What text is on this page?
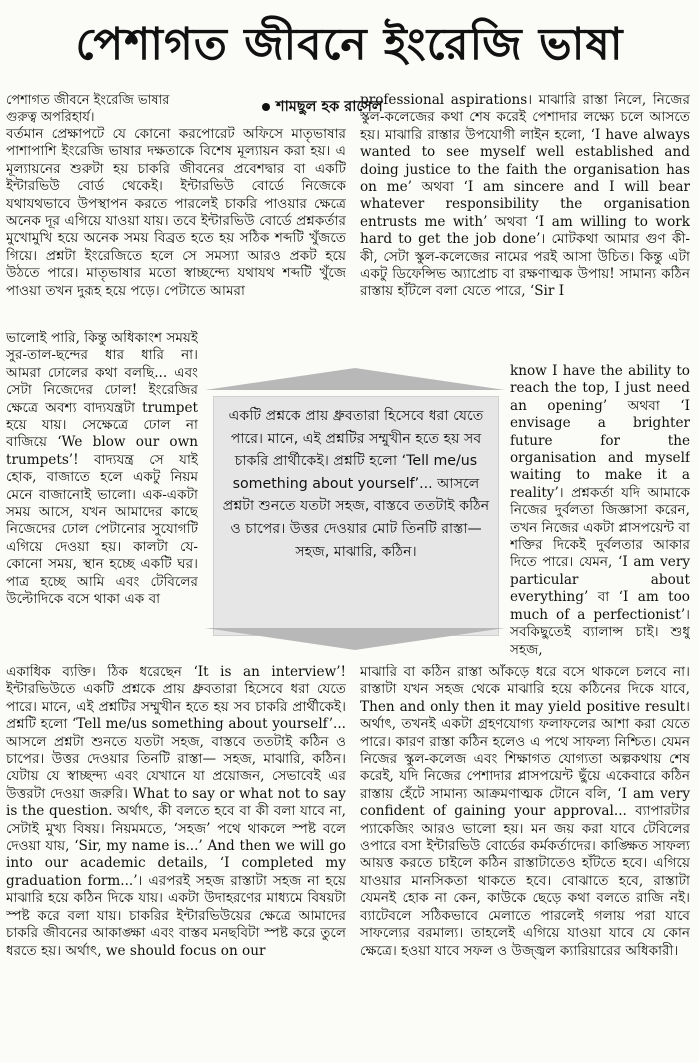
পেশাগত জীবনে ইংরেজি ভাষা
পেশাগত জীবনে ইংরেজি ভাষার গুরুত্ব অপরিহার্য।
শামছুল হক রাসেল

বর্তমান প্রেক্ষাপটে যে কোনো করপোরেট অফিসে মাতৃভাষার পাশাপাশি ইংরেজি ভাষার দক্ষতাকে বিশেষ মূল্যায়ন করা হয়। এ মূল্যায়নের শুরুটা হয় চাকরি জীবনের প্রবেশদ্বার বা একটি ইন্টারভিউ বোর্ড থেকেই। ইন্টারভিউ বোর্ডে নিজেকে যথাযথভাবে উপস্থাপন করতে পারলেই চাকরি পাওয়ার ক্ষেত্রে অনেক দূর এগিয়ে যাওয়া যায়। তবে ইন্টারভিউ বোর্ডে প্রশ্নকর্তার মুখোমুখি হয়ে অনেক সময় বিব্রত হতে হয় সঠিক শব্দটি খুঁজতে গিয়ে। প্রশ্নটা ইংরেজিতে হলে সে সমস্যা আরও প্রকট হয়ে উঠতে পারে। মাতৃভাষার মতো স্বাচ্ছন্দ্যে যথাযথ শব্দটি খুঁজে পাওয়া তখন দুরূহ হয়ে পড়ে। পেটাতে আমরা

ভালোই পারি, কিন্তু অধিকাংশ সময়ই সুর-তাল-ছন্দের ধার ধারি না। আমরা ঢোলের কথা বলছি... এবং সেটা নিজেদের ঢোল! ইংরেজির ক্ষেত্রে অবশ্য বাদ্যযন্ত্রটা trumpet হয়ে যায়। সেক্ষেত্রে ঢোল না বাজিয়ে ‘We blow our own trumpets’! বাদ্যযন্ত্র সে যাই হোক, বাজাতে হলে একটু নিয়ম মেনে বাজানোই ভালো। এক-একটা সময় আসে, যখন আমাদের কাছে নিজেদের ঢোল পেটানোর সুযোগটি এগিয়ে দেওয়া হয়। কালটা যে-কোনো সময়, স্থান হচ্ছে একটি ঘর। পাত্র হচ্ছে আমি এবং টেবিলের উল্টোদিকে বসে থাকা এক বা

একাধিক ব্যক্তি। ঠিক ধরেছেন ‘It is an interview’! ইন্টারভিউতে একটি প্রশ্নকে প্রায় ধ্রুবতারা হিসেবে ধরা যেতে পারে। মানে, এই প্রশ্নটির সম্মুখীন হতে হয় সব চাকরি প্রার্থীকেই। প্রশ্নটি হলো ‘Tell me/us something about yourself’... আসলে প্রশ্নটা শুনতে যতটা সহজ, বাস্তবে ততটাই কঠিন ও চাপের। উত্তর দেওয়ার তিনটি রাস্তা— সহজ, মাঝারি, কঠিন। যেটায় যে স্বাচ্ছন্দ্য এবং যেখানে যা প্রয়োজন, সেভাবেই এর উত্তরটা দেওয়া জরুরি। What to say or what not to say is the question. অর্থাৎ, কী বলতে হবে বা কী বলা যাবে না, সেটাই মুখ্য বিষয়। নিয়মমতে, ‘সহজ’ পথে থাকলে স্পষ্ট বলে দেওয়া যায়, ‘Sir, my name is...’ And then we will go into our academic details, ‘I completed my graduation form...’। এরপরই সহজ রাস্তাটা সহজ না হয়ে মাঝারি হয়ে কঠিন দিকে যায়। একটা উদাহরণের মাধ্যমে বিষয়টা স্পষ্ট করে বলা যায়। চাকরির ইন্টারভিউয়ের ক্ষেত্রে আমাদের চাকরি জীবনের আকাঙ্ক্ষা এবং বাস্তব মনছবিটা স্পষ্ট করে তুলে ধরতে হয়। অর্থাৎ, we should focus on our

professional aspirations। মাঝারি রাস্তা নিলে, নিজের স্কুল-কলেজের কথা শেষ করেই পেশাদার লক্ষ্যে চলে আসতে হয়। মাঝারি রাস্তার উপযোগী লাইন হলো, ‘I have always wanted to see myself well established and doing justice to the faith the organisation has on me’ অথবা ‘I am sincere and I will bear whatever responsibility the organisation entrusts me with’ অথবা ‘I am willing to work hard to get the job done’। মোটকথা আমার গুণ কী-কী, সেটা স্কুল-কলেজের নামের পরই আসা উচিত। কিন্তু এটা একটু ডিফেন্সিভ অ্যাপ্রোচ বা রক্ষণাত্মক উপায়! সামান্য কঠিন রাস্তায় হাঁটলে বলা যেতে পারে, ‘Sir I

know I have the ability to reach the top, I just need an opening’ অথবা ‘I envisage a brighter future for the organisation and myself waiting to make it a reality’। প্রশ্নকর্তা যদি আমাকে নিজের দুর্বলতা জিজ্ঞাসা করেন, তখন নিজের একটা প্লাসপয়েন্ট বা শক্তির দিকেই দুর্বলতার আকার দিতে পারে। যেমন, ‘I am very particular about everything’ বা ‘I am too much of a perfectionist’। সবকিছুতেই ব্যালান্স চাই। শুধু সহজ,

মাঝারি বা কঠিন রাস্তা আঁকড়ে ধরে বসে থাকলে চলবে না। রাস্তাটা যখন সহজ থেকে মাঝারি হয়ে কঠিনের দিকে যাবে, Then and only then it may yield positive result। অর্থাৎ, তখনই একটা গ্রহণযোগ্য ফলাফলের আশা করা যেতে পারে। কারণ রাস্তা কঠিন হলেও এ পথে সাফল্য নিশ্চিত। যেমন নিজের স্কুল-কলেজ এবং শিক্ষাগত যোগ্যতা অল্পকথায় শেষ করেই, যদি নিজের পেশাদার প্লাসপয়েন্ট ছুঁয়ে একেবারে কঠিন রাস্তায় হেঁটে সামান্য আক্রমণাত্মক টোনে বলি, ‘I am very confident of gaining your approval... ব্যাপারটার প্যাকেজিং আরও ভালো হয়। মন জয় করা যাবে টেবিলের ওপারে বসা ইন্টারভিউ বোর্ডের কর্মকর্তাদের। কাঙ্ক্ষিত সাফল্য আয়ত্ত করতে চাইলে কঠিন রাস্তাটাতেও হাঁটতে হবে। এগিয়ে যাওয়ার মানসিকতা থাকতে হবে। বোঝাতে হবে, রাস্তাটা যেমনই হোক না কেন, কাউকে ছেড়ে কথা বলতে রাজি নই। ব্যাটেবলে সঠিকভাবে মেলাতে পারলেই গলায় পরা যাবে সাফল্যের বরমাল্য। তাহলেই এগিয়ে যাওয়া যাবে যে কোন ক্ষেত্রে। হওয়া যাবে সফল ও উজ্জ্বল ক্যারিয়ারের অধিকারী।

একটি প্রশ্নকে প্রায় ধ্রুবতারা হিসেবে ধরা যেতে পারে। মানে, এই প্রশ্নটির সম্মুখীন হতে হয় সব চাকরি প্রার্থীকেই। প্রশ্নটি হলো ‘Tell me/us something about yourself’... আসলে প্রশ্নটা শুনতে যতটা সহজ, বাস্তবে ততটাই কঠিন ও চাপের। উত্তর দেওয়ার মোট তিনটি রাস্তা— সহজ, মাঝারি, কঠিন।
